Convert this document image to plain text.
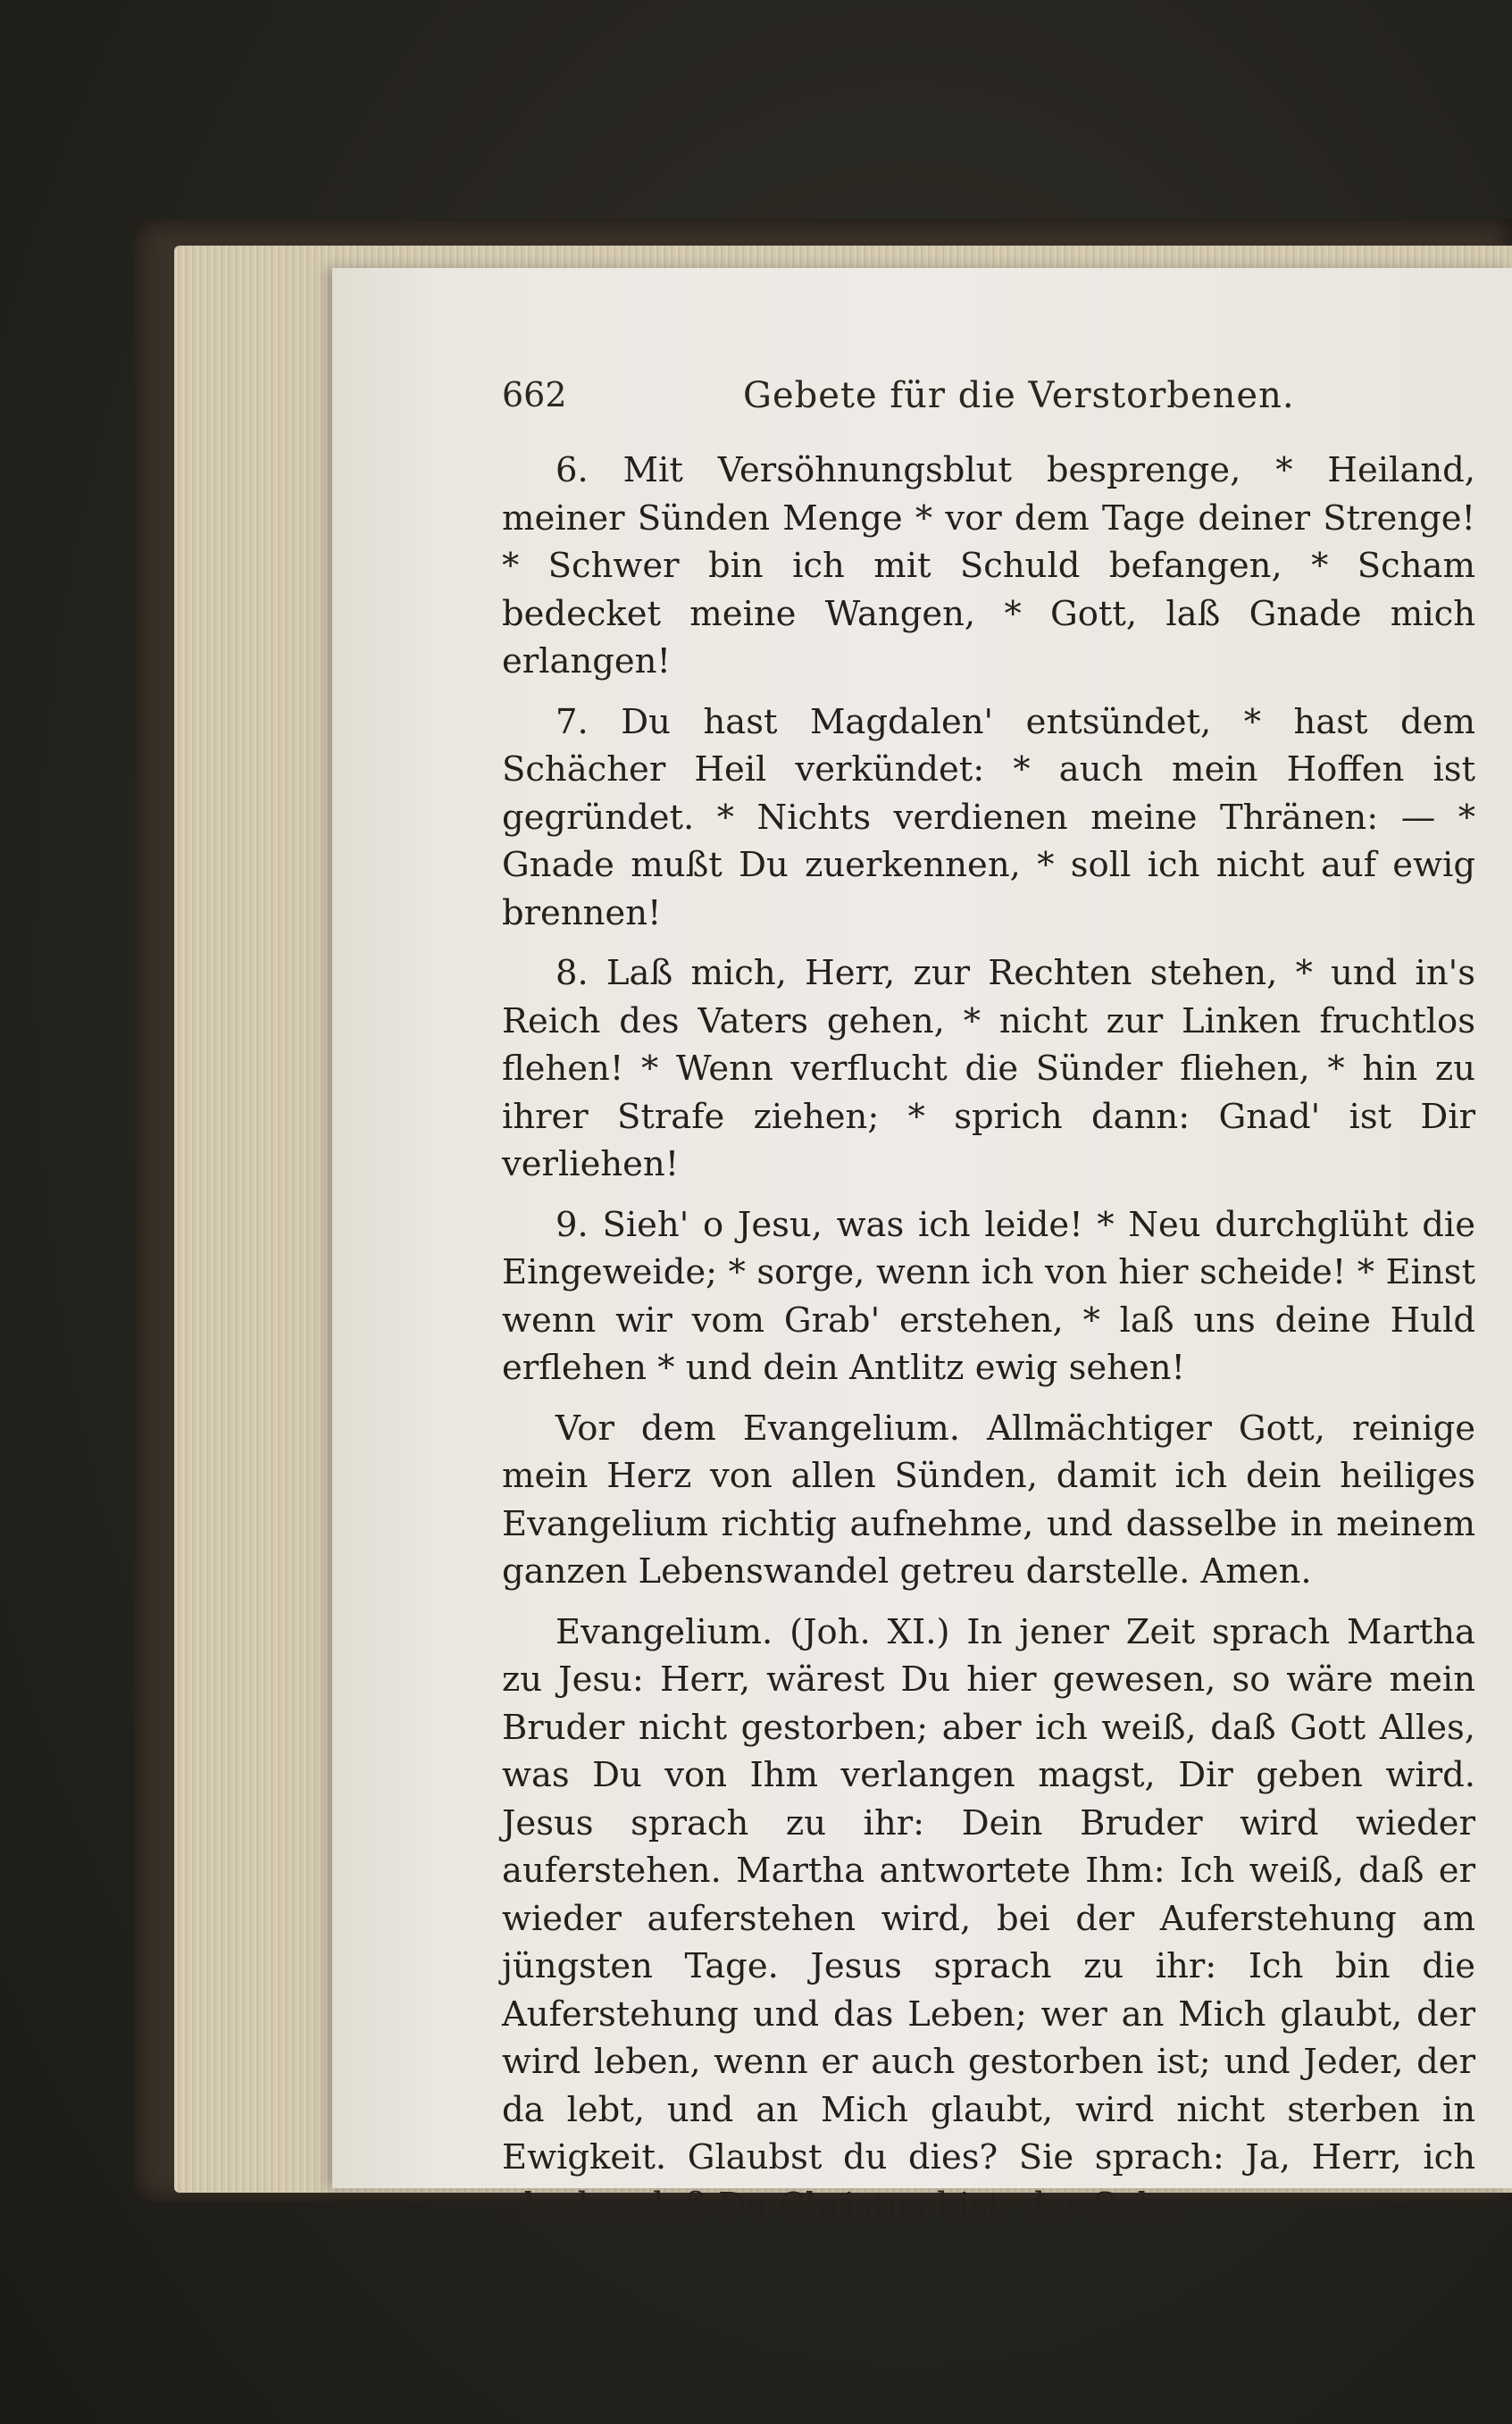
662	Gebete für die Verstorbenen.

6. Mit Versöhnungsblut besprenge, * Heiland, meiner Sünden Menge * vor dem Tage deiner Strenge! * Schwer bin ich mit Schuld befangen, * Scham bedecket meine Wangen, * Gott, laß Gnade mich erlangen!

7. Du hast Magdalen' entsündet, * hast dem Schächer Heil verkündet: * auch mein Hoffen ist gegründet. * Nichts verdienen meine Thränen: — * Gnade mußt Du zuerkennen, * soll ich nicht auf ewig brennen!

8. Laß mich, Herr, zur Rechten stehen, * und in's Reich des Vaters gehen, * nicht zur Linken fruchtlos flehen! * Wenn verflucht die Sünder fliehen, * hin zu ihrer Strafe ziehen; * sprich dann: Gnad' ist Dir verliehen!

9. Sieh' o Jesu, was ich leide! * Neu durchglüht die Eingeweide; * sorge, wenn ich von hier scheide! * Einst wenn wir vom Grab' erstehen, * laß uns deine Huld erflehen * und dein Antlitz ewig sehen!

Vor dem Evangelium. Allmächtiger Gott, reinige mein Herz von allen Sünden, damit ich dein heiliges Evangelium richtig aufnehme, und dasselbe in meinem ganzen Lebenswandel getreu darstelle. Amen.

Evangelium. (Joh. XI.) In jener Zeit sprach Martha zu Jesu: Herr, wärest Du hier gewesen, so wäre mein Bruder nicht gestorben; aber ich weiß, daß Gott Alles, was Du von Ihm verlangen magst, Dir geben wird. Jesus sprach zu ihr: Dein Bruder wird wieder auferstehen. Martha antwortete Ihm: Ich weiß, daß er wieder auferstehen wird, bei der Auferstehung am jüngsten Tage. Jesus sprach zu ihr: Ich bin die Auferstehung und das Leben; wer an Mich glaubt, der wird leben, wenn er auch gestorben ist; und Jeder, der da lebt, und an Mich glaubt, wird nicht sterben in Ewigkeit. Glaubst du dies? Sie sprach: Ja, Herr, ich glaube, daß Du Christus bist, der Sohn
